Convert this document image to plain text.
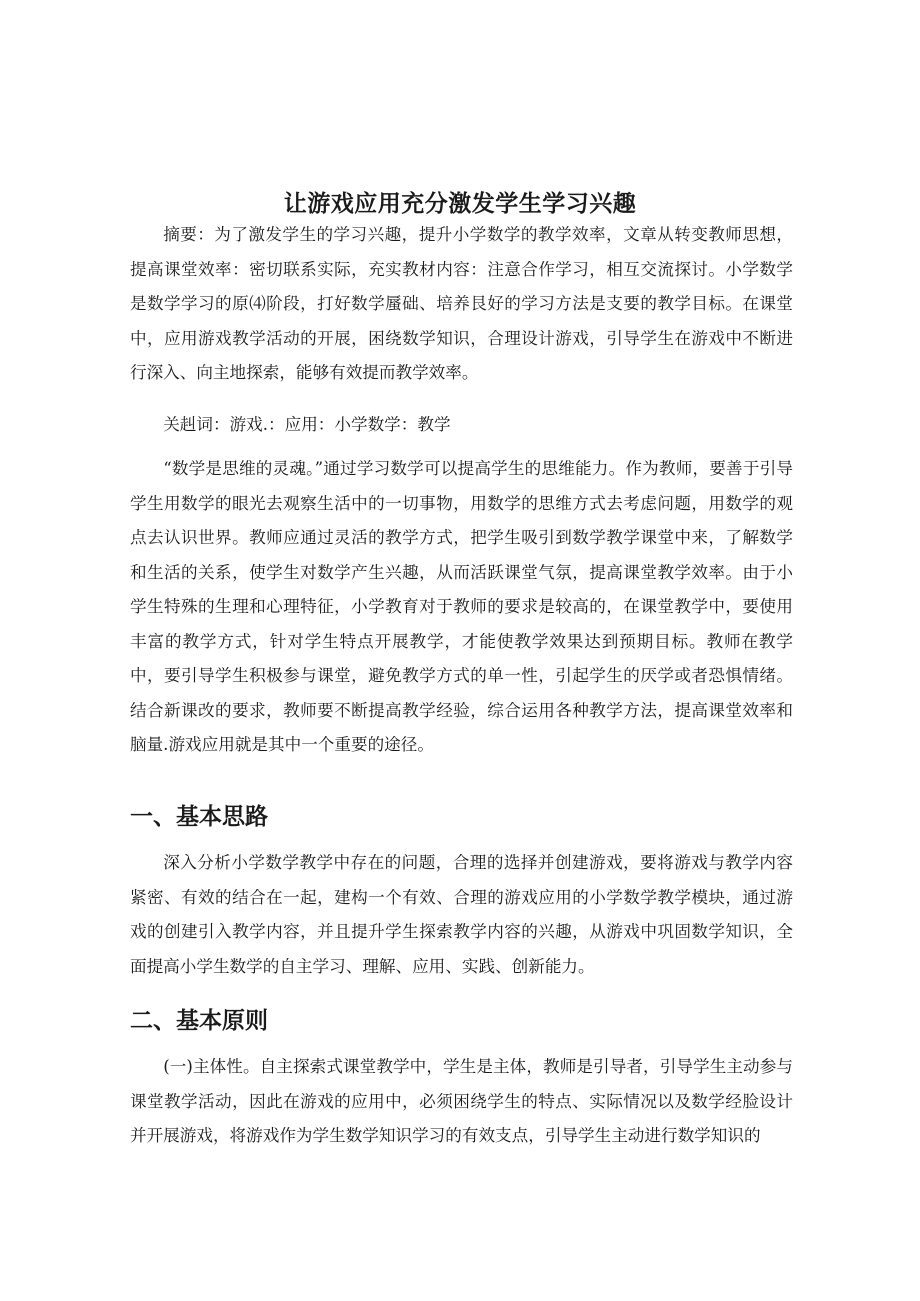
让游戏应用充分激发学生学习兴趣

摘要：为了激发学生的学习兴趣，提升小学数学的教学效率，文章从转变教师思想，提高课堂效率：密切联系实际，充实教材内容：注意合作学习，相互交流探讨。小学数学是数学学习的原⑷阶段，打好数学蜃础、培养艮好的学习方法是支要的教学目标。在课堂中，应用游戏教学活动的开展，困绕数学知识，合理设计游戏，引导学生在游戏中不断进行深入、向主地探索，能够有效提而教学效率。

关赳词：游戏.：应用：小学数学：教学

“数学是思维的灵魂。”通过学习数学可以提高学生的思维能力。作为教师，要善于引导学生用数学的眼光去观察生活中的一切事物，用数学的思维方式去考虑问题，用数学的观点去认识世界。教师应通过灵活的教学方式，把学生吸引到数学教学课堂中来，了解数学和生活的关系，使学生对数学产生兴趣，从而活跃课堂气氛，提高课堂教学效率。由于小学生特殊的生理和心理特征，小学教育对于教师的要求是较高的，在课堂教学中，要使用丰富的教学方式，针对学生特点开展教学，才能使教学效果达到预期目标。教师在教学中，要引导学生积极参与课堂，避免教学方式的单一性，引起学生的厌学或者恐惧情绪。结合新课改的要求，教师要不断提高教学经验，综合运用各种教学方法，提高课堂效率和脑量.游戏应用就是其中一个重要的途径。

一、基本思路

深入分析小学数学教学中存在的问题，合理的选择并创建游戏，要将游戏与教学内容紧密、有效的结合在一起，建构一个有效、合理的游戏应用的小学数学教学模块，通过游戏的创建引入教学内容，并且提升学生探索教学内容的兴趣，从游戏中巩固数学知识，全面提高小学生数学的自主学习、理解、应用、实践、创新能力。

二、基本原则

(一)主体性。自主探索式课堂教学中，学生是主体，教师是引导者，引导学生主动参与课堂教学活动，因此在游戏的应用中，必须困绕学生的特点、实际情况以及数学经脸设计并开展游戏，将游戏作为学生数学知识学习的有效支点，引导学生主动进行数学知识的
